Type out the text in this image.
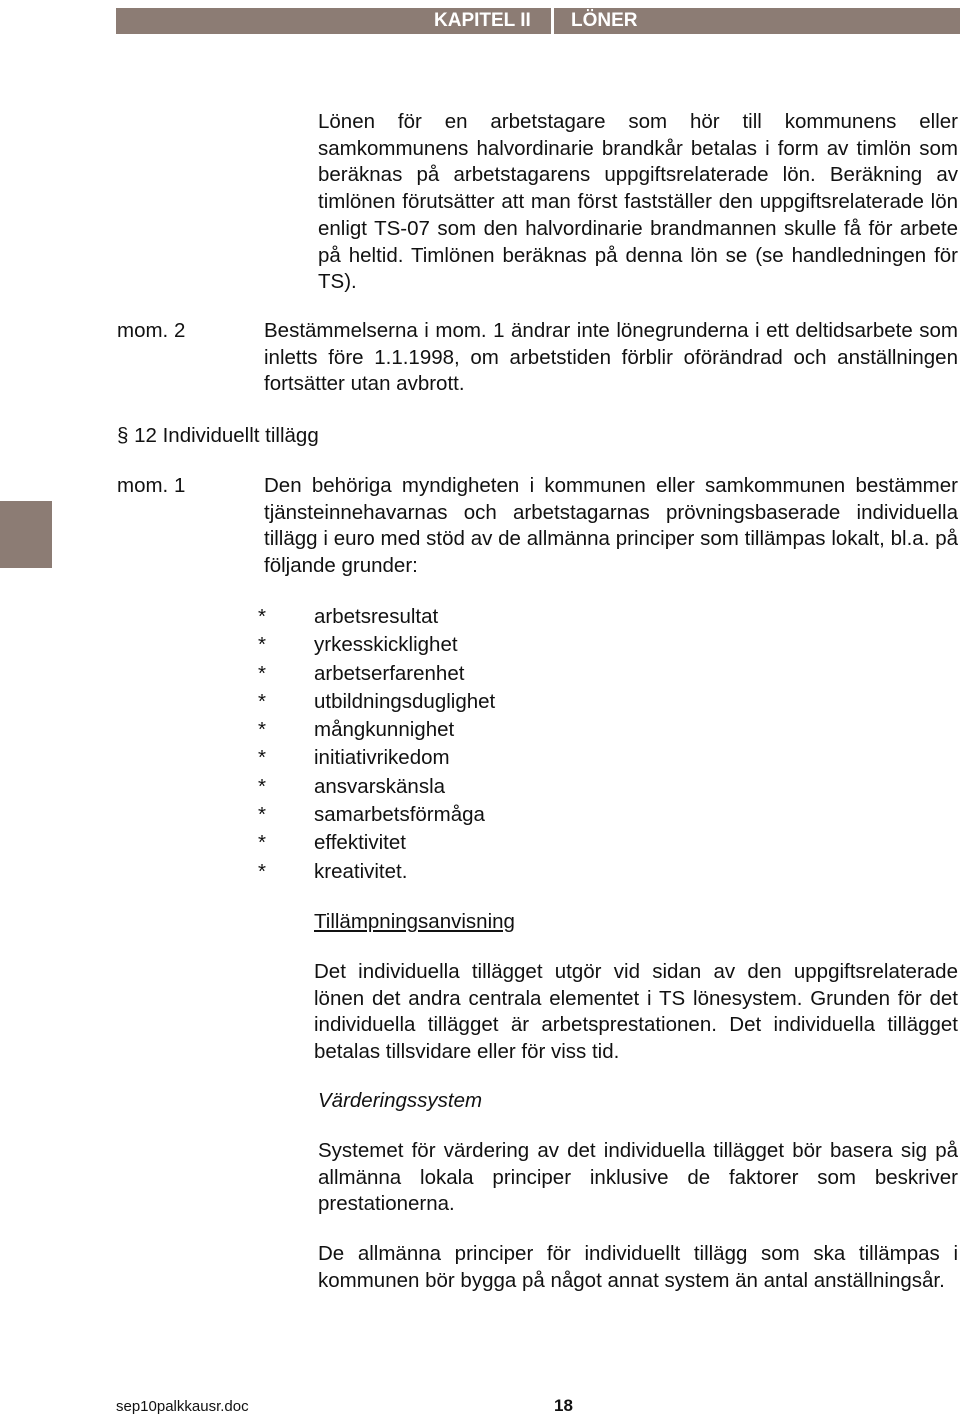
KAPITEL II LÖNER

Lönen för en arbetstagare som hör till kommunens eller samkommunens halvordinarie brandkår betalas i form av timlön som beräknas på arbetstagarens uppgiftsrelaterade lön. Beräkning av timlönen förutsätter att man först fastställer den uppgiftsrelaterade lön enligt TS-07 som den halvordinarie brandmannen skulle få för arbete på heltid. Timlönen beräknas på denna lön se (se handledningen för TS).

mom. 2	Bestämmelserna i mom. 1 ändrar inte lönegrunderna i ett deltidsarbete som inletts före 1.1.1998, om arbetstiden förblir oförändrad och anställningen fortsätter utan avbrott.

§ 12 Individuellt tillägg
mom. 1	Den behöriga myndigheten i kommunen eller samkommunen bestämmer tjänsteinnehavarnas och arbetstagarnas prövningsbaserade individuella tillägg i euro med stöd av de allmänna principer som tillämpas lokalt, bl.a. på följande grunder:

* arbetsresultat
* yrkesskicklighet
* arbetserfarenhet
* utbildningsduglighet
* mångkunnighet
* initiativrikedom
* ansvarskänsla
* samarbetsförmåga
* effektivitet
* kreativitet.
Tillämpningsanvisning

Det individuella tillägget utgör vid sidan av den uppgiftsrelaterade lönen det andra centrala elementet i TS lönesystem. Grunden för det individuella tillägget är arbetsprestationen. Det individuella tillägget betalas tillsvidare eller för viss tid.

Värderingssystem

Systemet för värdering av det individuella tillägget bör basera sig på allmänna lokala principer inklusive de faktorer som beskriver prestationerna.

De allmänna principer för individuellt tillägg som ska tillämpas i kommunen bör bygga på något annat system än antal anställningsår.

sep10palkkausr.doc	18
